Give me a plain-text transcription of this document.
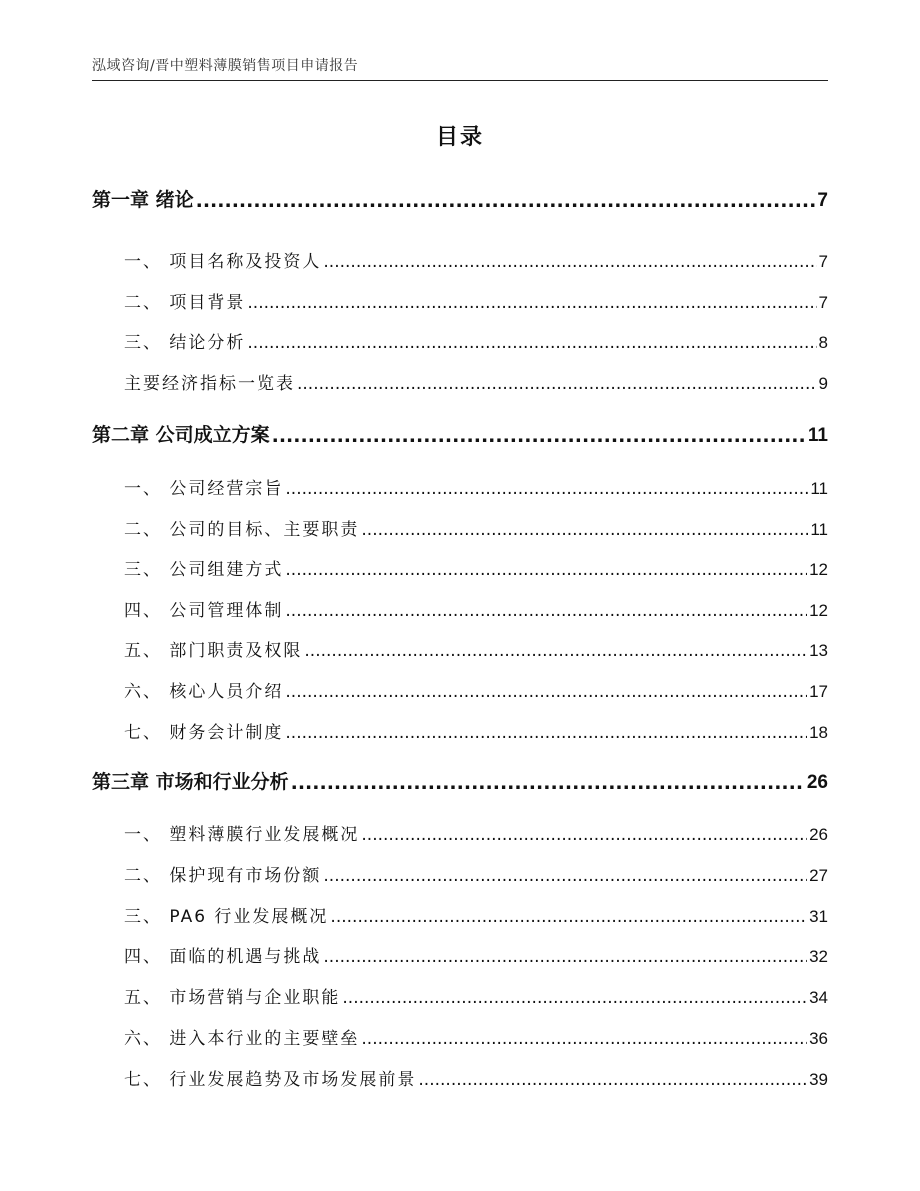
泓域咨询/晋中塑料薄膜销售项目申请报告
目录
第一章 绪论 .....	7
一、 项目名称及投资人 .....	7
二、 项目背景 .....	7
三、 结论分析 .....	8
主要经济指标一览表 .....	9
第二章 公司成立方案 .....	11
一、 公司经营宗旨 .....	11
二、 公司的目标、主要职责 .....	11
三、 公司组建方式 .....	12
四、 公司管理体制 .....	12
五、 部门职责及权限 .....	13
六、 核心人员介绍 .....	17
七、 财务会计制度 .....	18
第三章 市场和行业分析 .....	26
一、 塑料薄膜行业发展概况 .....	26
二、 保护现有市场份额 .....	27
三、 PA6 行业发展概况 .....	31
四、 面临的机遇与挑战 .....	32
五、 市场营销与企业职能 .....	34
六、 进入本行业的主要壁垒 .....	36
七、 行业发展趋势及市场发展前景 .....	39
